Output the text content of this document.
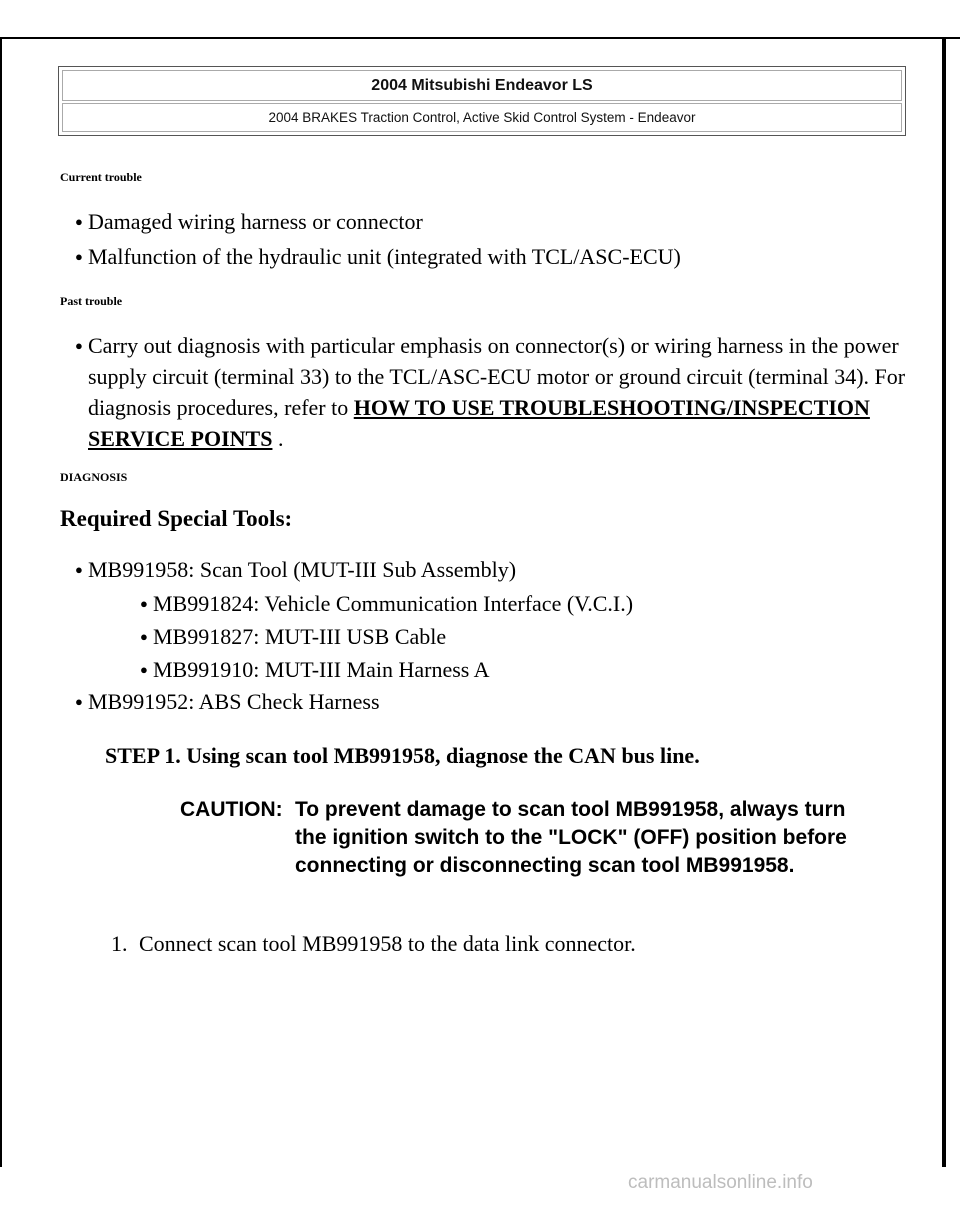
2004 Mitsubishi Endeavor LS
2004 BRAKES Traction Control, Active Skid Control System - Endeavor
Current trouble
● Damaged wiring harness or connector
● Malfunction of the hydraulic unit (integrated with TCL/ASC-ECU)
Past trouble
● Carry out diagnosis with particular emphasis on connector(s) or wiring harness in the power supply circuit (terminal 33) to the TCL/ASC-ECU motor or ground circuit (terminal 34). For diagnosis procedures, refer to HOW TO USE TROUBLESHOOTING/INSPECTION SERVICE POINTS .
DIAGNOSIS
Required Special Tools:
● MB991958: Scan Tool (MUT-III Sub Assembly)
● MB991824: Vehicle Communication Interface (V.C.I.)
● MB991827: MUT-III USB Cable
● MB991910: MUT-III Main Harness A
● MB991952: ABS Check Harness
STEP 1. Using scan tool MB991958, diagnose the CAN bus line.
CAUTION: To prevent damage to scan tool MB991958, always turn the ignition switch to the "LOCK" (OFF) position before connecting or disconnecting scan tool MB991958.
1. Connect scan tool MB991958 to the data link connector.
carmanualsonline.info
